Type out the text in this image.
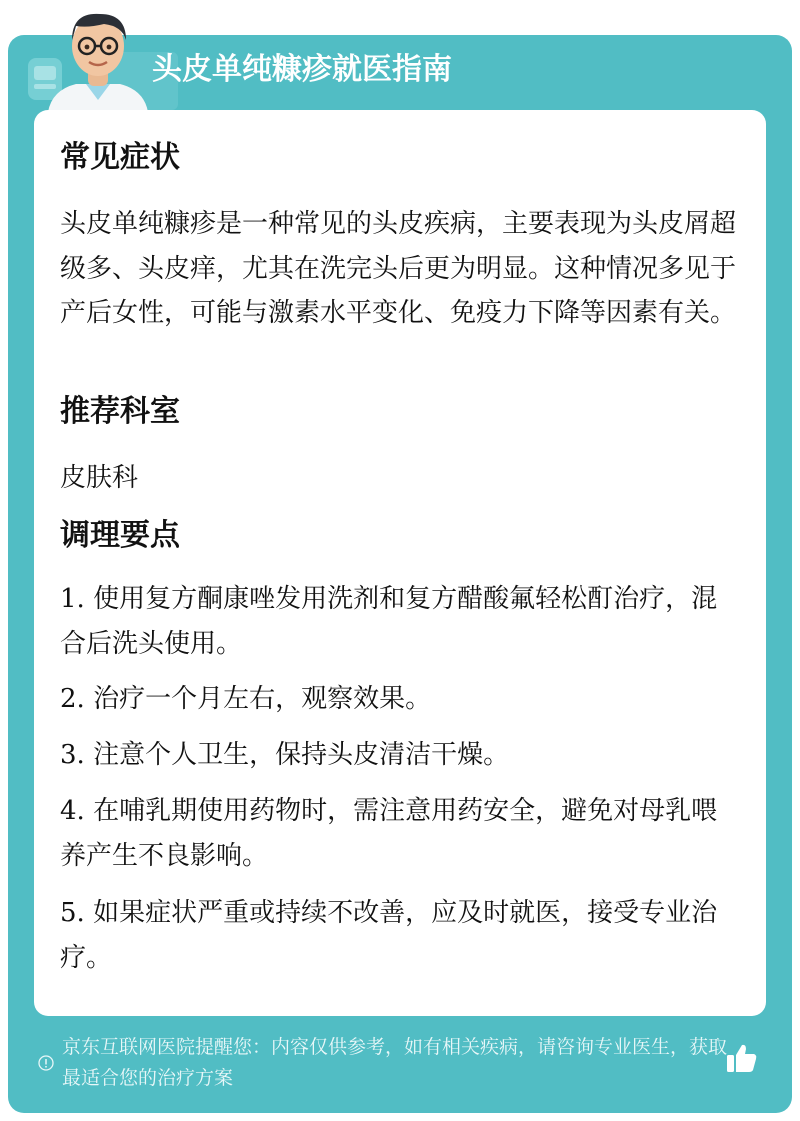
头皮单纯糠疹就医指南
常见症状
头皮单纯糠疹是一种常见的头皮疾病，主要表现为头皮屑超级多、头皮痒，尤其在洗完头后更为明显。这种情况多见于产后女性，可能与激素水平变化、免疫力下降等因素有关。
推荐科室
皮肤科
调理要点
1. 使用复方酮康唑发用洗剂和复方醋酸氟轻松酊治疗，混合后洗头使用。
2. 治疗一个月左右，观察效果。
3. 注意个人卫生，保持头皮清洁干燥。
4. 在哺乳期使用药物时，需注意用药安全，避免对母乳喂养产生不良影响。
5. 如果症状严重或持续不改善，应及时就医，接受专业治疗。
京东互联网医院提醒您：内容仅供参考，如有相关疾病，请咨询专业医生，获取最适合您的治疗方案
